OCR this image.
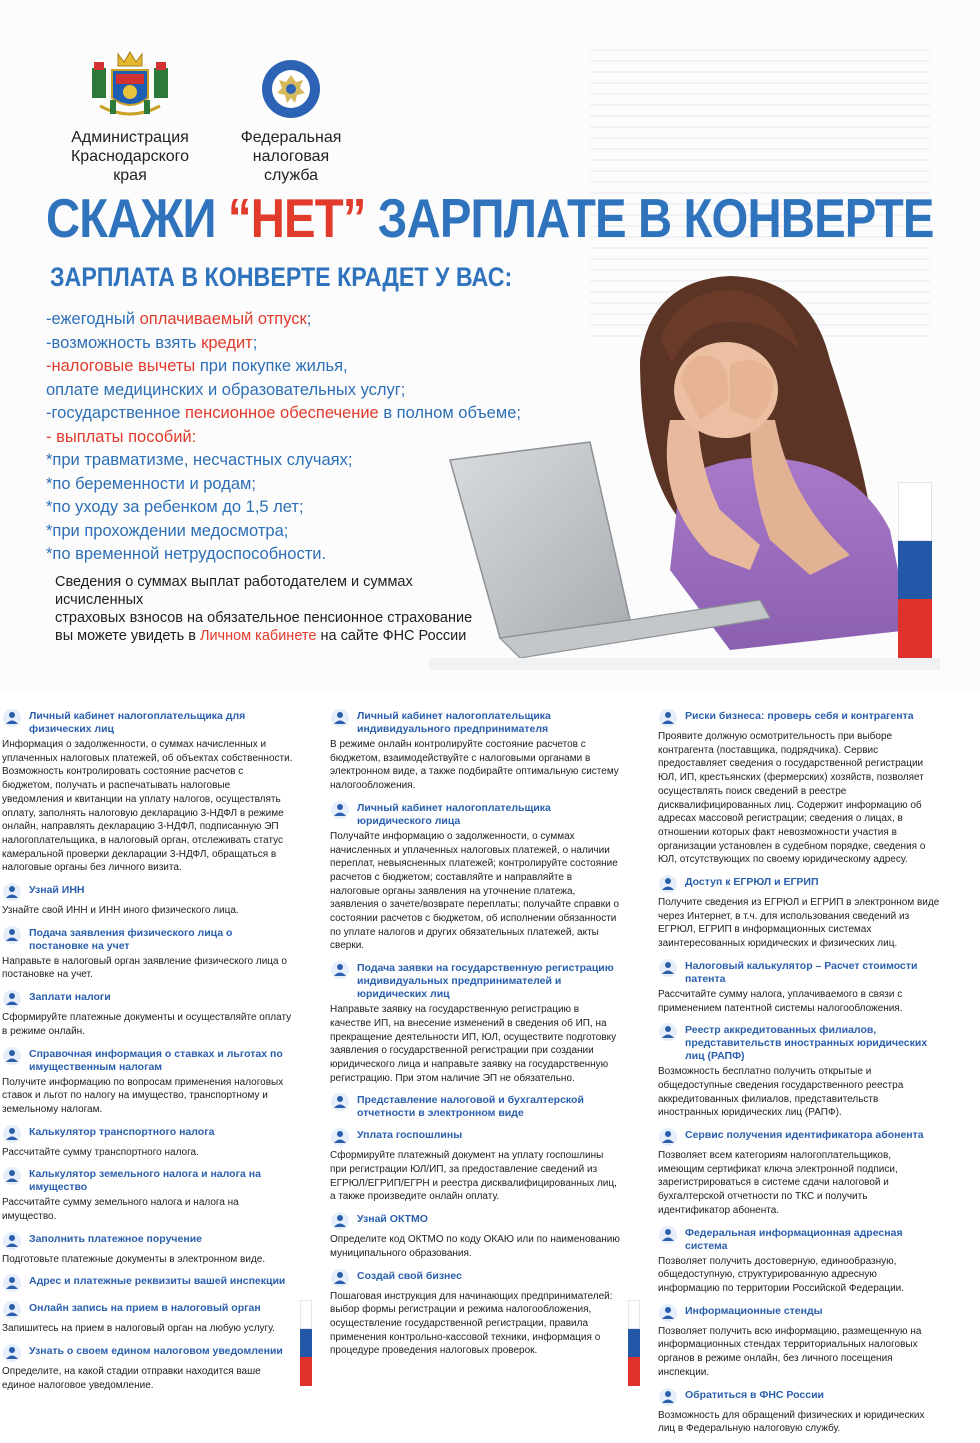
Администрация
Краснодарского края
Федеральная
налоговая служба
СКАЖИ “НЕТ” ЗАРПЛАТЕ В КОНВЕРТЕ
ЗАРПЛАТА В КОНВЕРТЕ КРАДЕТ У ВАС:
-ежегодный оплачиваемый отпуск;
-возможность взять кредит;
-налоговые вычеты при покупке жилья,
оплате медицинских и образовательных услуг;
-государственное пенсионное обеспечение в полном объеме;
- выплаты пособий:
*при травматизме, несчастных случаях;
*по беременности и родам;
*по уходу за ребенком до 1,5 лет;
*при прохождении медосмотра;
*по временной нетрудоспособности.
Сведения о суммах выплат работодателем и суммах исчисленных
страховых взносов на обязательное пенсионное страхование
вы можете увидеть в Личном кабинете на сайте ФНС России
Личный кабинет налогоплательщика для физических лиц
Информация о задолженности, о суммах начисленных и уплаченных налоговых платежей, об объектах собственности. Возможность контролировать состояние расчетов с бюджетом, получать и распечатывать налоговые уведомления и квитанции на уплату налогов, осуществлять оплату, заполнять налоговую декларацию 3-НДФЛ в режиме онлайн, направлять декларацию 3-НДФЛ, подписанную ЭП налогоплательщика, в налоговый орган, отслеживать статус камеральной проверки декларации 3-НДФЛ, обращаться в налоговые органы без личного визита.
Узнай ИНН
Узнайте свой ИНН и ИНН иного физического лица.
Подача заявления физического лица о постановке на учет
Направьте в налоговый орган заявление физического лица о постановке на учет.
Заплати налоги
Сформируйте платежные документы и осуществляйте оплату в режиме онлайн.
Справочная информация о ставках и льготах по имущественным налогам
Получите информацию по вопросам применения налоговых ставок и льгот по налогу на имущество, транспортному и земельному налогам.
Калькулятор транспортного налога
Рассчитайте сумму транспортного налога.
Калькулятор земельного налога и налога на имущество
Рассчитайте сумму земельного налога и налога на имущество.
Заполнить платежное поручение
Подготовьте платежные документы в электронном виде.
Адрес и платежные реквизиты вашей инспекции
Онлайн запись на прием в налоговый орган
Запишитесь на прием в налоговый орган на любую услугу.
Узнать о своем едином налоговом уведомлении
Определите, на какой стадии отправки находится ваше единое налоговое уведомление.
Личный кабинет налогоплательщика индивидуального предпринимателя
В режиме онлайн контролируйте состояние расчетов с бюджетом, взаимодействуйте с налоговыми органами в электронном виде, а также подбирайте оптимальную систему налогообложения.
Личный кабинет налогоплательщика юридического лица
Получайте информацию о задолженности, о суммах начисленных и уплаченных налоговых платежей, о наличии переплат, невыясненных платежей; контролируйте состояние расчетов с бюджетом; составляйте и направляйте в налоговые органы заявления на уточнение платежа, заявления о зачете/возврате переплаты; получайте справки о состоянии расчетов с бюджетом, об исполнении обязанности по уплате налогов и других обязательных платежей, акты сверки.
Подача заявки на государственную регистрацию индивидуальных предпринимателей и юридических лиц
Направьте заявку на государственную регистрацию в качестве ИП, на внесение изменений в сведения об ИП, на прекращение деятельности ИП, ЮЛ, осуществите подготовку заявления о государственной регистрации при создании юридического лица и направьте заявку на государственную регистрацию. При этом наличие ЭП не обязательно.
Представление налоговой и бухгалтерской отчетности в электронном виде
Уплата госпошлины
Сформируйте платежный документ на уплату госпошлины при регистрации ЮЛ/ИП, за предоставление сведений из ЕГРЮЛ/ЕГРИП/ЕГРН и реестра дисквалифицированных лиц, а также произведите онлайн оплату.
Узнай ОКТМО
Определите код ОКТМО по коду ОКАЮ или по наименованию муниципального образования.
Создай свой бизнес
Пошаговая инструкция для начинающих предпринимателей: выбор формы регистрации и режима налогообложения, осуществление государственной регистрации, правила применения контрольно-кассовой техники, информация о процедуре проведения налоговых проверок.
Риски бизнеса: проверь себя и контрагента
Проявите должную осмотрительность при выборе контрагента (поставщика, подрядчика). Сервис предоставляет сведения о государственной регистрации ЮЛ, ИП, крестьянских (фермерских) хозяйств, позволяет осуществлять поиск сведений в реестре дисквалифицированных лиц. Содержит информацию об адресах массовой регистрации; сведения о лицах, в отношении которых факт невозможности участия в организации установлен в судебном порядке, сведения о ЮЛ, отсутствующих по своему юридическому адресу.
Доступ к ЕГРЮЛ и ЕГРИП
Получите сведения из ЕГРЮЛ и ЕГРИП в электронном виде через Интернет, в т.ч. для использования сведений из ЕГРЮЛ, ЕГРИП в информационных системах заинтересованных юридических и физических лиц.
Налоговый калькулятор – Расчет стоимости патента
Рассчитайте сумму налога, уплачиваемого в связи с применением патентной системы налогообложения.
Реестр аккредитованных филиалов, представительств иностранных юридических лиц (РАПФ)
Возможность бесплатно получить открытые и общедоступные сведения государственного реестра аккредитованных филиалов, представительств иностранных юридических лиц (РАПФ).
Сервис получения идентификатора абонента
Позволяет всем категориям налогоплательщиков, имеющим сертификат ключа электронной подписи, зарегистрироваться в системе сдачи налоговой и бухгалтерской отчетности по ТКС и получить идентификатор абонента.
Федеральная информационная адресная система
Позволяет получить достоверную, единообразную, общедоступную, структурированную адресную информацию по территории Российской Федерации.
Информационные стенды
Позволяет получить всю информацию, размещенную на информационных стендах территориальных налоговых органов в режиме онлайн, без личного посещения инспекции.
Обратиться в ФНС России
Возможность для обращений физических и юридических лиц в Федеральную налоговую службу.
